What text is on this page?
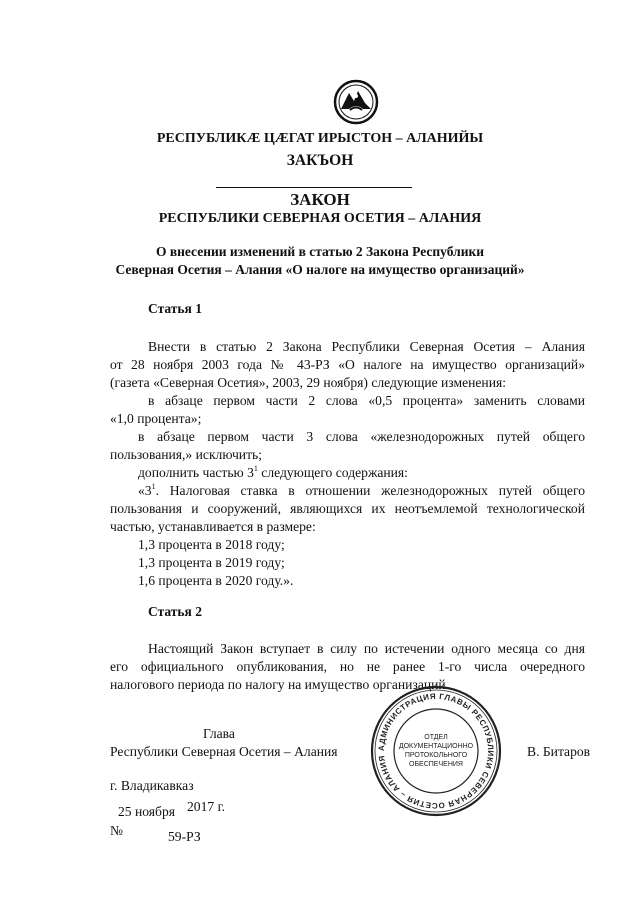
РЕСПУБЛИКÆ ЦÆГАТ ИРЫСТОН – АЛАНИЙЫ
ЗАКЪОН
ЗАКОН
РЕСПУБЛИКИ СЕВЕРНАЯ ОСЕТИЯ – АЛАНИЯ
О внесении изменений в статью 2 Закона Республики
Северная Осетия – Алания «О налоге на имущество организаций»
Статья 1
Внести в статью 2 Закона Республики Северная Осетия – Алания
от 28 ноября 2003 года № 43-РЗ «О налоге на имущество организаций»
(газета «Северная Осетия», 2003, 29 ноября) следующие изменения:
в абзаце первом части 2 слова «0,5 процента» заменить словами
«1,0 процента»;
в абзаце первом части 3 слова «железнодорожных путей общего
пользования,» исключить;
дополнить частью $3^1$ следующего содержания:
«$3^1$. Налоговая ставка в отношении железнодорожных путей общего
пользования и сооружений, являющихся их неотъемлемой технологической
частью, устанавливается в размере:
1,3 процента в 2018 году;
1,3 процента в 2019 году;
1,6 процента в 2020 году.».
Статья 2
Настоящий Закон вступает в силу по истечении одного месяца со дня
его официального опубликования, но не ранее 1-го числа очередного
налогового периода по налогу на имущество организаций.
Глава
Республики Северная Осетия – Алания	В. Битаров
АДМИНИСТРАЦИЯ ГЛАВЫ РЕСПУБЛИКИ СЕВЕРНАЯ ОСЕТИЯ – АЛАНИЯ
ОТДЕЛ
ДОКУМЕНТАЦИОННО
ПРОТОКОЛЬНОГО
ОБЕСПЕЧЕНИЯ
г. Владикавказ
25 ноября 2017 г.
№	59-РЗ
